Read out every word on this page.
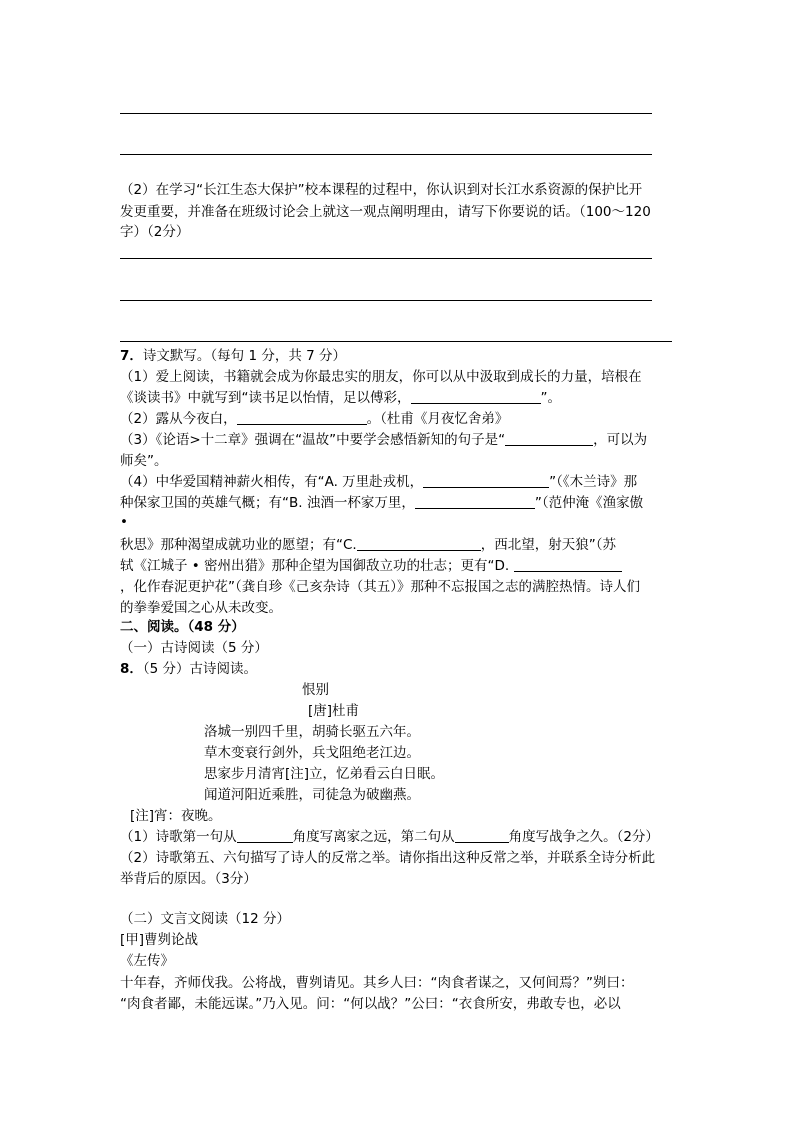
（2）在学习“长江生态大保护”校本课程的过程中，你认识到对长江水系资源的保护比开
发更重要，并准备在班级讨论会上就这一观点阐明理由，请写下你要说的话。（100～120
字）（2分）
7．诗文默写。（每句 1 分，共 7 分）
（1）爱上阅读，书籍就会成为你最忠实的朋友，你可以从中汲取到成长的力量，培根在
《谈读书》中就写到“读书足以怡情，足以傅彩，	”。
（2）露从今夜白，	。（杜甫《月夜忆舍弟》
（3）《论语>十二章》强调在“温故”中要学会感悟新知的句子是“	，可以为
师矣”。
（4）中华爱国精神薪火相传，有“A. 万里赴戎机，	”（《木兰诗》那
种保家卫国的英雄气概；有“B. 浊酒一杯家万里，	”（范仲淹《渔家傲
•
秋思》那种渴望成就功业的愿望；有“C.	，西北望，射天狼”（苏
轼《江城子 • 密州出猎》那种企望为国御敌立功的壮志；更有“D.
，化作春泥更护花”（龚自珍《己亥杂诗（其五）》那种不忘报国之志的满腔热情。诗人们
的拳拳爱国之心从未改变。
二、阅读。（48 分）
（一）古诗阅读（5 分）
8．（5 分）古诗阅读。
恨别
[唐]杜甫
洛城一别四千里，胡骑长驱五六年。
草木变衰行剑外，兵戈阻绝老江边。
思家步月清宵[注]立，忆弟看云白日眠。
闻道河阳近乘胜，司徒急为破幽燕。
[注]宵：夜晚。
（1）诗歌第一句从	角度写离家之远，第二句从	角度写战争之久。（2分）
（2）诗歌第五、六句描写了诗人的反常之举。请你指出这种反常之举，并联系全诗分析此
举背后的原因。（3分）
（二）文言文阅读（12 分）
[甲]曹刿论战
《左传》
十年春，齐师伐我。公将战，曹刿请见。其乡人曰：“肉食者谋之，又何间焉？”刿曰：
“肉食者鄙，未能远谋。”乃入见。问：“何以战？”公曰：“衣食所安，弗敢专也，必以
